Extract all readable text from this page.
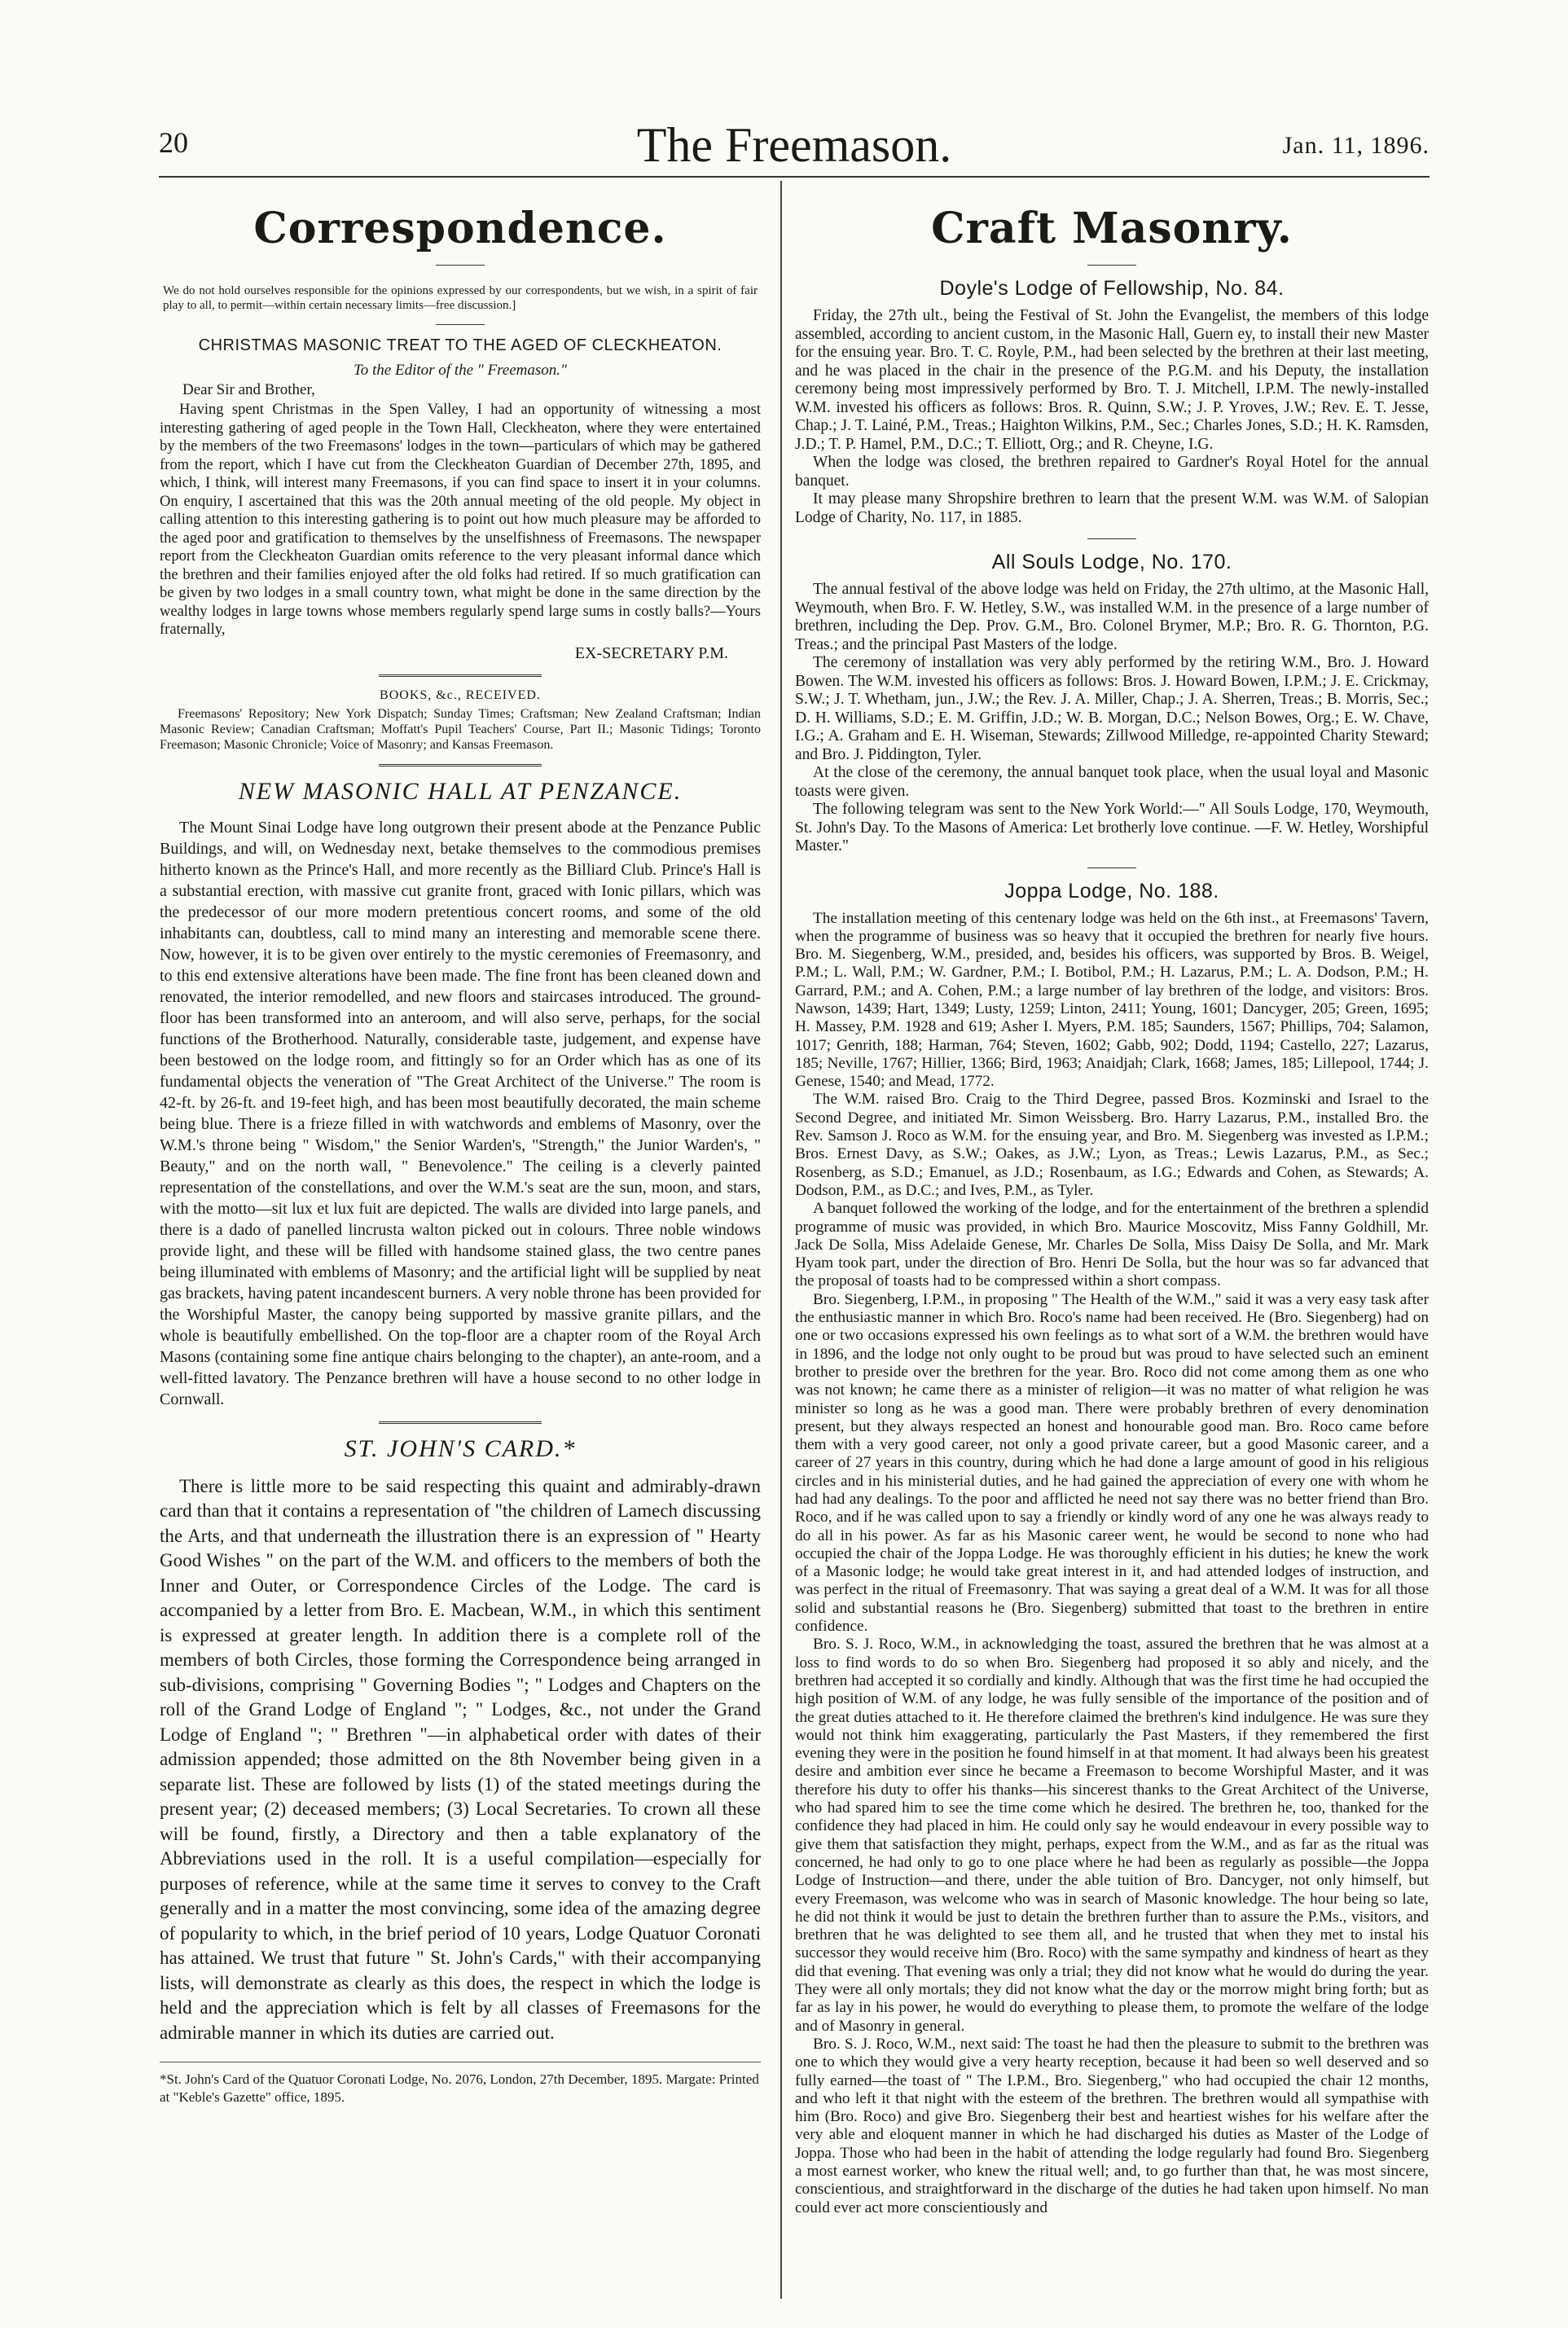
20	The Freemason.	Jan. 11, 1896.
Correspondence.
We do not hold ourselves responsible for the opinions expressed by our correspondents, but we wish, in a spirit of fair play to all, to permit—within certain necessary limits—free discussion.]
CHRISTMAS MASONIC TREAT TO THE AGED OF CLECKHEATON.
To the Editor of the " Freemason."
Dear Sir and Brother,

Having spent Christmas in the Spen Valley, I had an opportunity of witnessing a most interesting gathering of aged people in the Town Hall, Cleckheaton, where they were entertained by the members of the two Freemasons' lodges in the town—particulars of which may be gathered from the report, which I have cut from the Cleckheaton Guardian of December 27th, 1895, and which, I think, will interest many Freemasons, if you can find space to insert it in your columns. On enquiry, I ascertained that this was the 20th annual meeting of the old people. My object in calling attention to this interesting gathering is to point out how much pleasure may be afforded to the aged poor and gratification to themselves by the unselfishness of Freemasons. The newspaper report from the Cleckheaton Guardian omits reference to the very pleasant informal dance which the brethren and their families enjoyed after the old folks had retired. If so much gratification can be given by two lodges in a small country town, what might be done in the same direction by the wealthy lodges in large towns whose members regularly spend large sums in costly balls?—Yours fraternally,

EX-SECRETARY P.M.
BOOKS, &c., RECEIVED.

Freemasons' Repository; New York Dispatch; Sunday Times; Craftsman; New Zealand Craftsman; Indian Masonic Review; Canadian Craftsman; Moffatt's Pupil Teachers' Course, Part II.; Masonic Tidings; Toronto Freemason; Masonic Chronicle; Voice of Masonry; and Kansas Freemason.

NEW MASONIC HALL AT PENZANCE.

The Mount Sinai Lodge have long outgrown their present abode at the Penzance Public Buildings, and will, on Wednesday next, betake themselves to the commodious premises hitherto known as the Prince's Hall, and more recently as the Billiard Club. Prince's Hall is a substantial erection, with massive cut granite front, graced with Ionic pillars, which was the predecessor of our more modern pretentious concert rooms, and some of the old inhabitants can, doubtless, call to mind many an interesting and memorable scene there. Now, however, it is to be given over entirely to the mystic ceremonies of Freemasonry, and to this end extensive alterations have been made. The fine front has been cleaned down and renovated, the interior remodelled, and new floors and staircases introduced. The ground-floor has been transformed into an anteroom, and will also serve, perhaps, for the social functions of the Brotherhood. Naturally, considerable taste, judgement, and expense have been bestowed on the lodge room, and fittingly so for an Order which has as one of its fundamental objects the veneration of "The Great Architect of the Universe." The room is 42-ft. by 26-ft. and 19-feet high, and has been most beautifully decorated, the main scheme being blue. There is a frieze filled in with watchwords and emblems of Masonry, over the W.M.'s throne being " Wisdom," the Senior Warden's, "Strength," the Junior Warden's, " Beauty," and on the north wall, " Benevolence." The ceiling is a cleverly painted representation of the constellations, and over the W.M.'s seat are the sun, moon, and stars, with the motto—sit lux et lux fuit are depicted. The walls are divided into large panels, and there is a dado of panelled lincrusta walton picked out in colours. Three noble windows provide light, and these will be filled with handsome stained glass, the two centre panes being illuminated with emblems of Masonry; and the artificial light will be supplied by neat gas brackets, having patent incandescent burners. A very noble throne has been provided for the Worshipful Master, the canopy being supported by massive granite pillars, and the whole is beautifully embellished. On the top-floor are a chapter room of the Royal Arch Masons (containing some fine antique chairs belonging to the chapter), an ante-room, and a well-fitted lavatory. The Penzance brethren will have a house second to no other lodge in Cornwall.

ST. JOHN'S CARD.*

There is little more to be said respecting this quaint and admirably-drawn card than that it contains a representation of "the children of Lamech discussing the Arts, and that underneath the illustration there is an expression of " Hearty Good Wishes " on the part of the W.M. and officers to the members of both the Inner and Outer, or Correspondence Circles of the Lodge. The card is accompanied by a letter from Bro. E. Macbean, W.M., in which this sentiment is expressed at greater length. In addition there is a complete roll of the members of both Circles, those forming the Correspondence being arranged in sub-divisions, comprising " Governing Bodies "; " Lodges and Chapters on the roll of the Grand Lodge of England "; " Lodges, &c., not under the Grand Lodge of England "; " Brethren "—in alphabetical order with dates of their admission appended; those admitted on the 8th November being given in a separate list. These are followed by lists (1) of the stated meetings during the present year; (2) deceased members; (3) Local Secretaries. To crown all these will be found, firstly, a Directory and then a table explanatory of the Abbreviations used in the roll. It is a useful compilation—especially for purposes of reference, while at the same time it serves to convey to the Craft generally and in a matter the most convincing, some idea of the amazing degree of popularity to which, in the brief period of 10 years, Lodge Quatuor Coronati has attained. We trust that future " St. John's Cards," with their accompanying lists, will demonstrate as clearly as this does, the respect in which the lodge is held and the appreciation which is felt by all classes of Freemasons for the admirable manner in which its duties are carried out.

*St. John's Card of the Quatuor Coronati Lodge, No. 2076, London, 27th December, 1895. Margate: Printed at "Keble's Gazette" office, 1895.
Craft Masonry.
Doyle's Lodge of Fellowship, No. 84.

Friday, the 27th ult., being the Festival of St. John the Evangelist, the members of this lodge assembled, according to ancient custom, in the Masonic Hall, Guern ey, to install their new Master for the ensuing year. Bro. T. C. Royle, P.M., had been selected by the brethren at their last meeting, and he was placed in the chair in the presence of the P.G.M. and his Deputy, the installation ceremony being most impressively performed by Bro. T. J. Mitchell, I.P.M. The newly-installed W.M. invested his officers as follows: Bros. R. Quinn, S.W.; J. P. Yroves, J.W.; Rev. E. T. Jesse, Chap.; J. T. Lainé, P.M., Treas.; Haighton Wilkins, P.M., Sec.; Charles Jones, S.D.; H. K. Ramsden, J.D.; T. P. Hamel, P.M., D.C.; T. Elliott, Org.; and R. Cheyne, I.G.

When the lodge was closed, the brethren repaired to Gardner's Royal Hotel for the annual banquet.

It may please many Shropshire brethren to learn that the present W.M. was W.M. of Salopian Lodge of Charity, No. 117, in 1885.

All Souls Lodge, No. 170.

The annual festival of the above lodge was held on Friday, the 27th ultimo, at the Masonic Hall, Weymouth, when Bro. F. W. Hetley, S.W., was installed W.M. in the presence of a large number of brethren, including the Dep. Prov. G.M., Bro. Colonel Brymer, M.P.; Bro. R. G. Thornton, P.G. Treas.; and the principal Past Masters of the lodge.

The ceremony of installation was very ably performed by the retiring W.M., Bro. J. Howard Bowen. The W.M. invested his officers as follows: Bros. J. Howard Bowen, I.P.M.; J. E. Crickmay, S.W.; J. T. Whetham, jun., J.W.; the Rev. J. A. Miller, Chap.; J. A. Sherren, Treas.; B. Morris, Sec.; D. H. Williams, S.D.; E. M. Griffin, J.D.; W. B. Morgan, D.C.; Nelson Bowes, Org.; E. W. Chave, I.G.; A. Graham and E. H. Wiseman, Stewards; Zillwood Milledge, re-appointed Charity Steward; and Bro. J. Piddington, Tyler.

At the close of the ceremony, the annual banquet took place, when the usual loyal and Masonic toasts were given.

The following telegram was sent to the New York World:—" All Souls Lodge, 170, Weymouth, St. John's Day. To the Masons of America: Let brotherly love continue. —F. W. Hetley, Worshipful Master."

Joppa Lodge, No. 188.

The installation meeting of this centenary lodge was held on the 6th inst., at Freemasons' Tavern, when the programme of business was so heavy that it occupied the brethren for nearly five hours. Bro. M. Siegenberg, W.M., presided, and, besides his officers, was supported by Bros. B. Weigel, P.M.; L. Wall, P.M.; W. Gardner, P.M.; I. Botibol, P.M.; H. Lazarus, P.M.; L. A. Dodson, P.M.; H. Garrard, P.M.; and A. Cohen, P.M.; a large number of lay brethren of the lodge, and visitors: Bros. Nawson, 1439; Hart, 1349; Lusty, 1259; Linton, 2411; Young, 1601; Dancyger, 205; Green, 1695; H. Massey, P.M. 1928 and 619; Asher I. Myers, P.M. 185; Saunders, 1567; Phillips, 704; Salamon, 1017; Genrith, 188; Harman, 764; Steven, 1602; Gabb, 902; Dodd, 1194; Castello, 227; Lazarus, 185; Neville, 1767; Hillier, 1366; Bird, 1963; Anaidjah; Clark, 1668; James, 185; Lillepool, 1744; J. Genese, 1540; and Mead, 1772.

The W.M. raised Bro. Craig to the Third Degree, passed Bros. Kozminski and Israel to the Second Degree, and initiated Mr. Simon Weissberg. Bro. Harry Lazarus, P.M., installed Bro. the Rev. Samson J. Roco as W.M. for the ensuing year, and Bro. M. Siegenberg was invested as I.P.M.; Bros. Ernest Davy, as S.W.; Oakes, as J.W.; Lyon, as Treas.; Lewis Lazarus, P.M., as Sec.; Rosenberg, as S.D.; Emanuel, as J.D.; Rosenbaum, as I.G.; Edwards and Cohen, as Stewards; A. Dodson, P.M., as D.C.; and Ives, P.M., as Tyler.

A banquet followed the working of the lodge, and for the entertainment of the brethren a splendid programme of music was provided, in which Bro. Maurice Moscovitz, Miss Fanny Goldhill, Mr. Jack De Solla, Miss Adelaide Genese, Mr. Charles De Solla, Miss Daisy De Solla, and Mr. Mark Hyam took part, under the direction of Bro. Henri De Solla, but the hour was so far advanced that the proposal of toasts had to be compressed within a short compass.

Bro. Siegenberg, I.P.M., in proposing " The Health of the W.M.," said it was a very easy task after the enthusiastic manner in which Bro. Roco's name had been received. He (Bro. Siegenberg) had on one or two occasions expressed his own feelings as to what sort of a W.M. the brethren would have in 1896, and the lodge not only ought to be proud but was proud to have selected such an eminent brother to preside over the brethren for the year. Bro. Roco did not come among them as one who was not known; he came there as a minister of religion—it was no matter of what religion he was minister so long as he was a good man. There were probably brethren of every denomination present, but they always respected an honest and honourable good man. Bro. Roco came before them with a very good career, not only a good private career, but a good Masonic career, and a career of 27 years in this country, during which he had done a large amount of good in his religious circles and in his ministerial duties, and he had gained the appreciation of every one with whom he had had any dealings. To the poor and afflicted he need not say there was no better friend than Bro. Roco, and if he was called upon to say a friendly or kindly word of any one he was always ready to do all in his power. As far as his Masonic career went, he would be second to none who had occupied the chair of the Joppa Lodge. He was thoroughly efficient in his duties; he knew the work of a Masonic lodge; he would take great interest in it, and had attended lodges of instruction, and was perfect in the ritual of Freemasonry. That was saying a great deal of a W.M. It was for all those solid and substantial reasons he (Bro. Siegenberg) submitted that toast to the brethren in entire confidence.

Bro. S. J. Roco, W.M., in acknowledging the toast, assured the brethren that he was almost at a loss to find words to do so when Bro. Siegenberg had proposed it so ably and nicely, and the brethren had accepted it so cordially and kindly. Although that was the first time he had occupied the high position of W.M. of any lodge, he was fully sensible of the importance of the position and of the great duties attached to it. He therefore claimed the brethren's kind indulgence. He was sure they would not think him exaggerating, particularly the Past Masters, if they remembered the first evening they were in the position he found himself in at that moment. It had always been his greatest desire and ambition ever since he became a Freemason to become Worshipful Master, and it was therefore his duty to offer his thanks—his sincerest thanks to the Great Architect of the Universe, who had spared him to see the time come which he desired. The brethren he, too, thanked for the confidence they had placed in him. He could only say he would endeavour in every possible way to give them that satisfaction they might, perhaps, expect from the W.M., and as far as the ritual was concerned, he had only to go to one place where he had been as regularly as possible—the Joppa Lodge of Instruction—and there, under the able tuition of Bro. Dancyger, not only himself, but every Freemason, was welcome who was in search of Masonic knowledge. The hour being so late, he did not think it would be just to detain the brethren further than to assure the P.Ms., visitors, and brethren that he was delighted to see them all, and he trusted that when they met to instal his successor they would receive him (Bro. Roco) with the same sympathy and kindness of heart as they did that evening. That evening was only a trial; they did not know what he would do during the year. They were all only mortals; they did not know what the day or the morrow might bring forth; but as far as lay in his power, he would do everything to please them, to promote the welfare of the lodge and of Masonry in general.

Bro. S. J. Roco, W.M., next said: The toast he had then the pleasure to submit to the brethren was one to which they would give a very hearty reception, because it had been so well deserved and so fully earned—the toast of " The I.P.M., Bro. Siegenberg," who had occupied the chair 12 months, and who left it that night with the esteem of the brethren. The brethren would all sympathise with him (Bro. Roco) and give Bro. Siegenberg their best and heartiest wishes for his welfare after the very able and eloquent manner in which he had discharged his duties as Master of the Lodge of Joppa. Those who had been in the habit of attending the lodge regularly had found Bro. Siegenberg a most earnest worker, who knew the ritual well; and, to go further than that, he was most sincere, conscientious, and straightforward in the discharge of the duties he had taken upon himself. No man could ever act more conscientiously and
